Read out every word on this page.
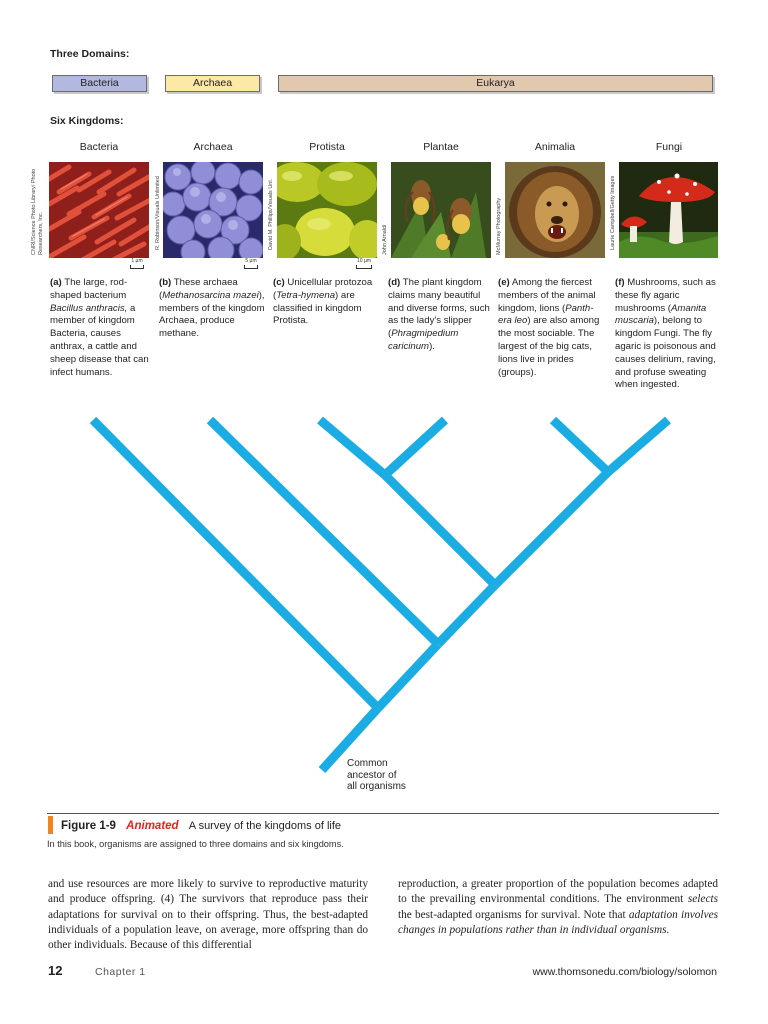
Three Domains:
Bacteria	Archaea	Eukarya
Six Kingdoms:
Bacteria	Archaea	Protista	Plantae	Animalia	Fungi
CNRI/Science Photo Library/ Photo Researchers, Inc.	R. Robinson/Visuals Unlimited	David M. Phillips/Visuals Unl.	John Arnaldi	McMurray Photography	Laurie Campbell/Getty Images
1 µm	5 µm	10 µm
(a) The large, rod-shaped bacterium Bacillus anthracis, a member of kingdom Bacteria, causes anthrax, a cattle and sheep disease that can infect humans.
(b) These archaea (Methanosarcina mazei), members of the kingdom Archaea, produce methane.
(c) Unicellular protozoa (Tetra-hymena) are classified in kingdom Protista.
(d) The plant kingdom claims many beautiful and diverse forms, such as the lady's slipper (Phragmipedium caricinum).
(e) Among the fiercest members of the animal kingdom, lions (Panth-era leo) are also among the most sociable. The largest of the big cats, lions live in prides (groups).
(f) Mushrooms, such as these fly agaric mushrooms (Amanita muscaria), belong to kingdom Fungi. The fly agaric is poisonous and causes delirium, raving, and profuse sweating when ingested.
Common
ancestor of
all organisms
Figure 1-9 Animated A survey of the kingdoms of life
In this book, organisms are assigned to three domains and six kingdoms.
and use resources are more likely to survive to reproductive maturity and produce offspring. (4) The survivors that reproduce pass their adaptations for survival on to their offspring. Thus, the best-adapted individuals of a population leave, on average, more offspring than do other individuals. Because of this differential
reproduction, a greater proportion of the population becomes adapted to the prevailing environmental conditions. The environment selects the best-adapted organisms for survival. Note that adaptation involves changes in populations rather than in individual organisms.
12	Chapter 1	www.thomsonedu.com/biology/solomon
